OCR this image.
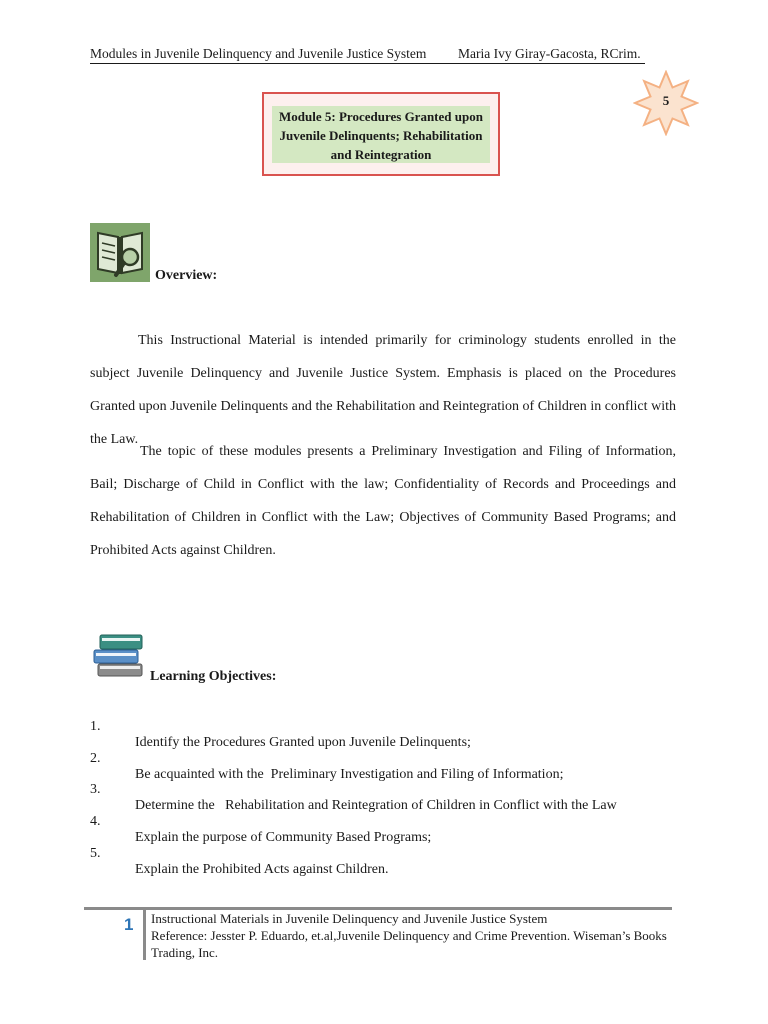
Modules in Juvenile Delinquency and Juvenile Justice System Maria Ivy Giray-Gacosta, RCrim.
Module 5: Procedures Granted upon
Juvenile Delinquents; Rehabilitation
and Reintegration
5
Overview:
This Instructional Material is intended primarily for criminology students enrolled in the subject Juvenile Delinquency and Juvenile Justice System. Emphasis is placed on the Procedures Granted upon Juvenile Delinquents and the Rehabilitation and Reintegration of Children in conflict with the Law.
The topic of these modules presents a Preliminary Investigation and Filing of Information, Bail; Discharge of Child in Conflict with the law; Confidentiality of Records and Proceedings and Rehabilitation of Children in Conflict with the Law; Objectives of Community Based Programs; and Prohibited Acts against Children.
Learning Objectives:

1.

Identify the Procedures Granted upon Juvenile Delinquents;

2.

Be acquainted with the  Preliminary Investigation and Filing of Information;

3.

Determine the   Rehabilitation and Reintegration of Children in Conflict with the Law

4.

Explain the purpose of Community Based Programs;

5.

Explain the Prohibited Acts against Children.

1 Instructional Materials in Juvenile Delinquency and Juvenile Justice System
Reference: Jesster P. Eduardo, et.al,Juvenile Delinquency and Crime Prevention. Wiseman’s Books Trading, Inc.
